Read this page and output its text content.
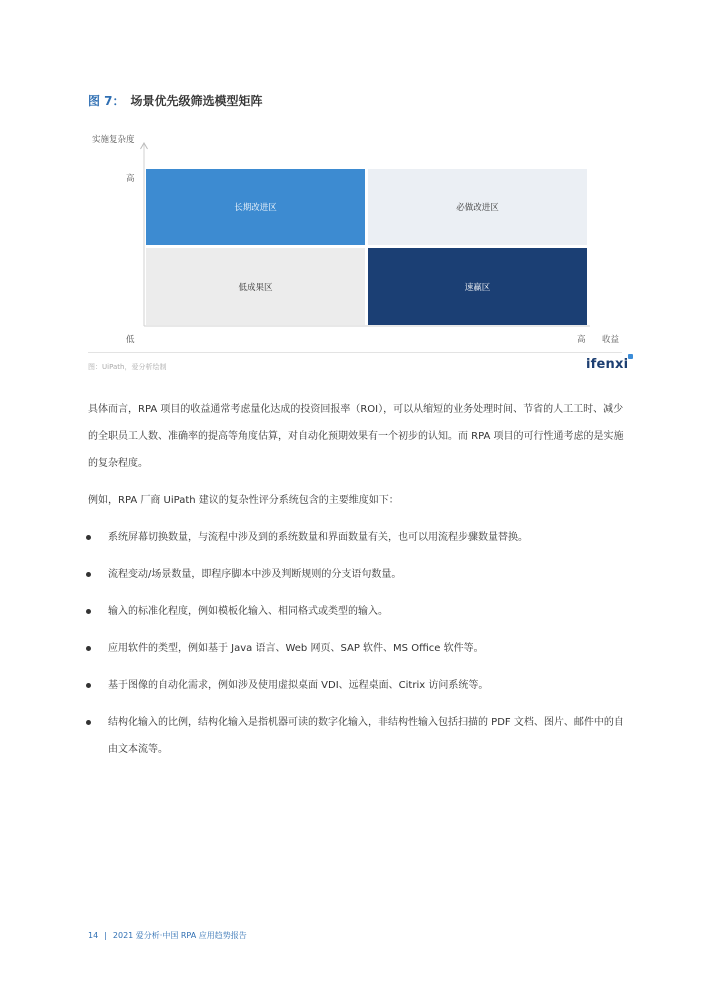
图 7： 场景优先级筛选模型矩阵
实施复杂度
高
低	高 收益
长期改进区	必做改进区
低成果区	速赢区
图：UiPath，爱分析绘制	ifenxi
具体而言，RPA 项目的收益通常考虑量化达成的投资回报率（ROI），可以从缩短的业务处理时间、节省的人工工时、减少的全职员工人数、准确率的提高等角度估算，对自动化预期效果有一个初步的认知。而 RPA 项目的可行性通考虑的是实施的复杂程度。
例如，RPA 厂商 UiPath 建议的复杂性评分系统包含的主要维度如下：
系统屏幕切换数量，与流程中涉及到的系统数量和界面数量有关，也可以用流程步骤数量替换。
流程变动/场景数量，即程序脚本中涉及判断规则的分支语句数量。
输入的标准化程度，例如模板化输入、相同格式或类型的输入。
应用软件的类型，例如基于 Java 语言、Web 网页、SAP 软件、MS Office 软件等。
基于图像的自动化需求，例如涉及使用虚拟桌面 VDI、远程桌面、Citrix 访问系统等。
结构化输入的比例，结构化输入是指机器可读的数字化输入，非结构性输入包括扫描的 PDF 文档、图片、邮件中的自由文本流等。
14 | 2021 爱分析·中国 RPA 应用趋势报告
